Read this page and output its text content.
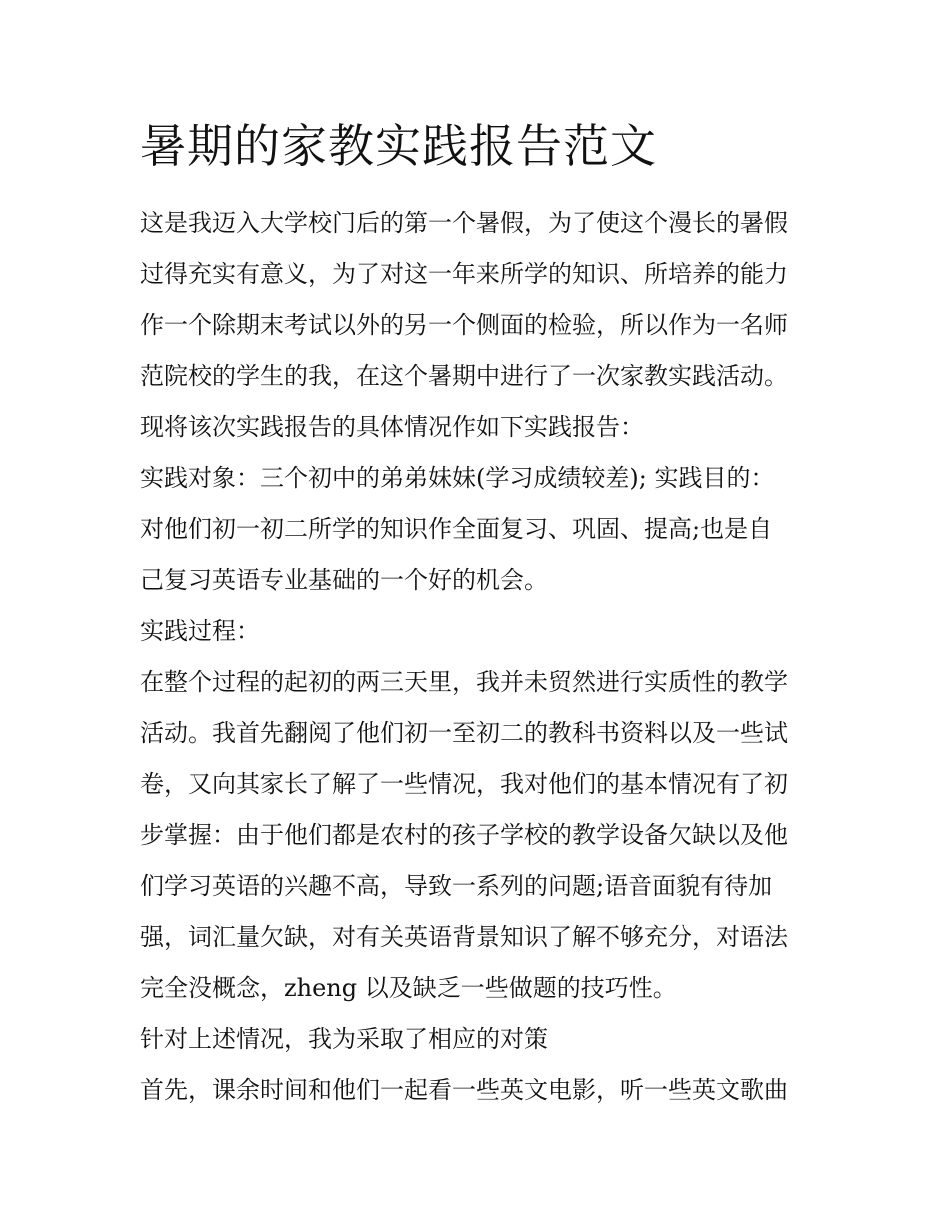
暑期的家教实践报告范文

这是我迈入大学校门后的第一个暑假，为了使这个漫长的暑假

过得充实有意义，为了对这一年来所学的知识、所培养的能力

作一个除期末考试以外的另一个侧面的检验，所以作为一名师

范院校的学生的我，在这个暑期中进行了一次家教实践活动。

现将该次实践报告的具体情况作如下实践报告：

实践对象：三个初中的弟弟妹妹(学习成绩较差); 实践目的：

对他们初一初二所学的知识作全面复习、巩固、提高;也是自

己复习英语专业基础的一个好的机会。

实践过程：

在整个过程的起初的两三天里，我并未贸然进行实质性的教学

活动。我首先翻阅了他们初一至初二的教科书资料以及一些试

卷，又向其家长了解了一些情况，我对他们的基本情况有了初

步掌握：由于他们都是农村的孩子学校的教学设备欠缺以及他

们学习英语的兴趣不高，导致一系列的问题;语音面貌有待加

强，词汇量欠缺，对有关英语背景知识了解不够充分，对语法

完全没概念，zheng 以及缺乏一些做题的技巧性。

针对上述情况，我为采取了相应的对策

首先，课余时间和他们一起看一些英文电影，听一些英文歌曲
